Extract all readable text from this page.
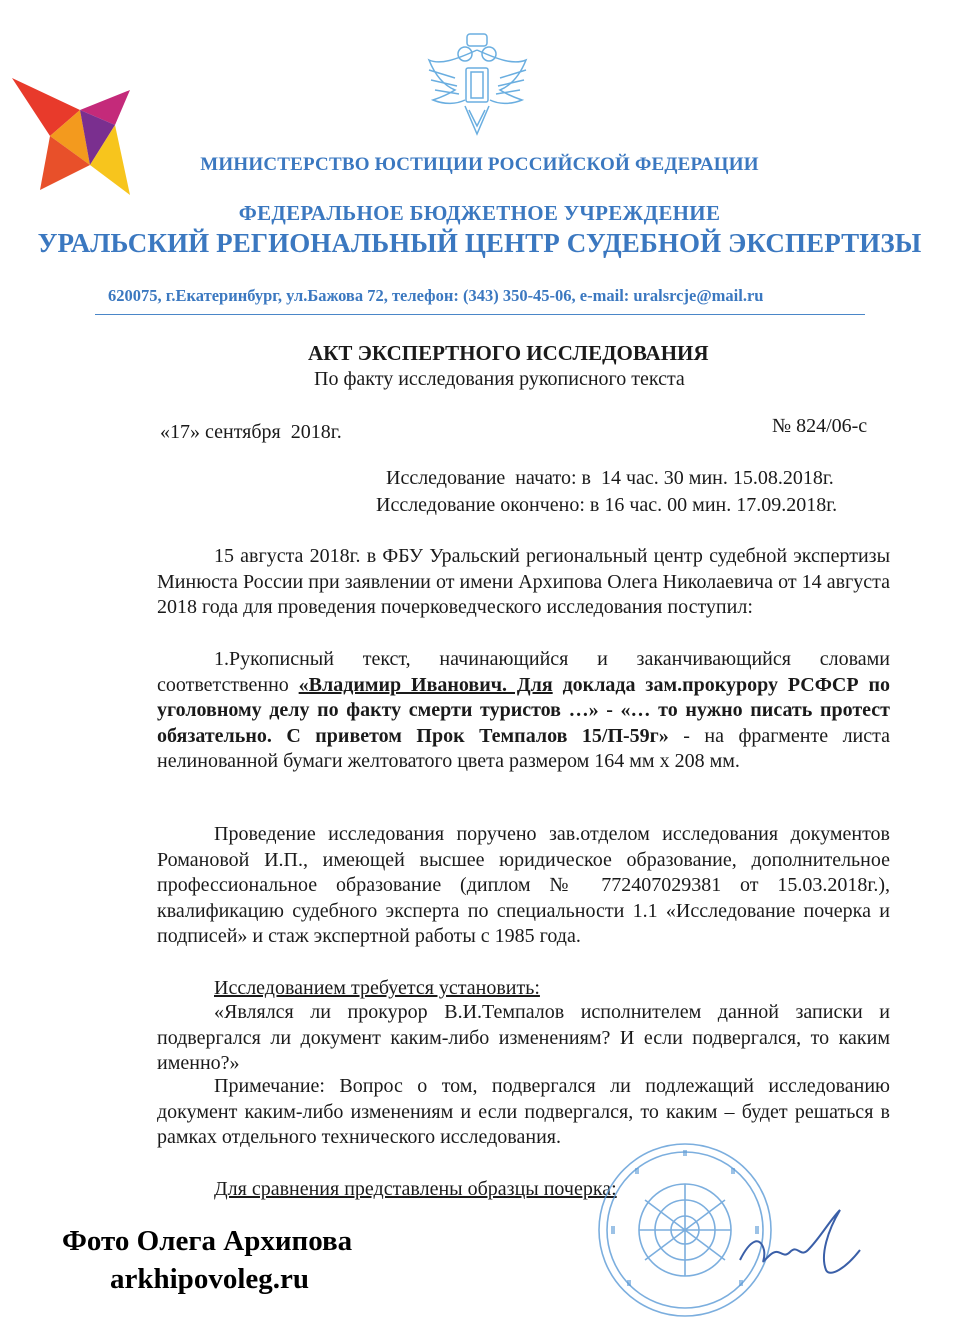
МИНИСТЕРСТВО ЮСТИЦИИ РОССИЙСКОЙ ФЕДЕРАЦИИ
ФЕДЕРАЛЬНОЕ БЮДЖЕТНОЕ УЧРЕЖДЕНИЕ
УРАЛЬСКИЙ РЕГИОНАЛЬНЫЙ ЦЕНТР СУДЕБНОЙ ЭКСПЕРТИЗЫ
620075, г.Екатеринбург, ул.Бажова 72, телефон: (343) 350-45-06, e-mail: uralsrcje@mail.ru
АКТ ЭКСПЕРТНОГО ИССЛЕДОВАНИЯ
По факту исследования рукописного текста
«17» сентября  2018г.	№ 824/06-с
Исследование  начато: в  14 час. 30 мин. 15.08.2018г.
Исследование окончено: в 16 час. 00 мин. 17.09.2018г.
15 августа 2018г. в ФБУ Уральский региональный центр судебной экспертизы Минюста России при заявлении от имени Архипова Олега Николаевича от 14 августа 2018 года для проведения почерковедческого исследования поступил:
1.Рукописный текст, начинающийся и заканчивающийся словами соответственно «Владимир Иванович. Для доклада зам.прокурору РСФСР по уголовному делу по факту смерти туристов …» - «… то нужно писать протест обязательно. С приветом Прок Темпалов 15/П-59г» - на фрагменте листа нелинованной бумаги желтоватого цвета размером 164 мм х 208 мм.
Проведение исследования поручено зав.отделом исследования документов Романовой И.П., имеющей высшее юридическое образование, дополнительное профессиональное образование (диплом № 772407029381 от 15.03.2018г.), квалификацию судебного эксперта по специальности 1.1 «Исследование почерка и подписей» и стаж экспертной работы с 1985 года.
Исследованием требуется установить:
«Являлся ли прокурор В.И.Темпалов исполнителем данной записки и подвергался ли документ каким-либо изменениям? И если подвергался, то каким именно?»
Примечание: Вопрос о том, подвергался ли подлежащий исследованию документ каким-либо изменениям и если подвергался, то каким – будет решаться в рамках отдельного технического исследования.
Для сравнения представлены образцы почерка:
Фото Олега Архипова
arkhipovoleg.ru
